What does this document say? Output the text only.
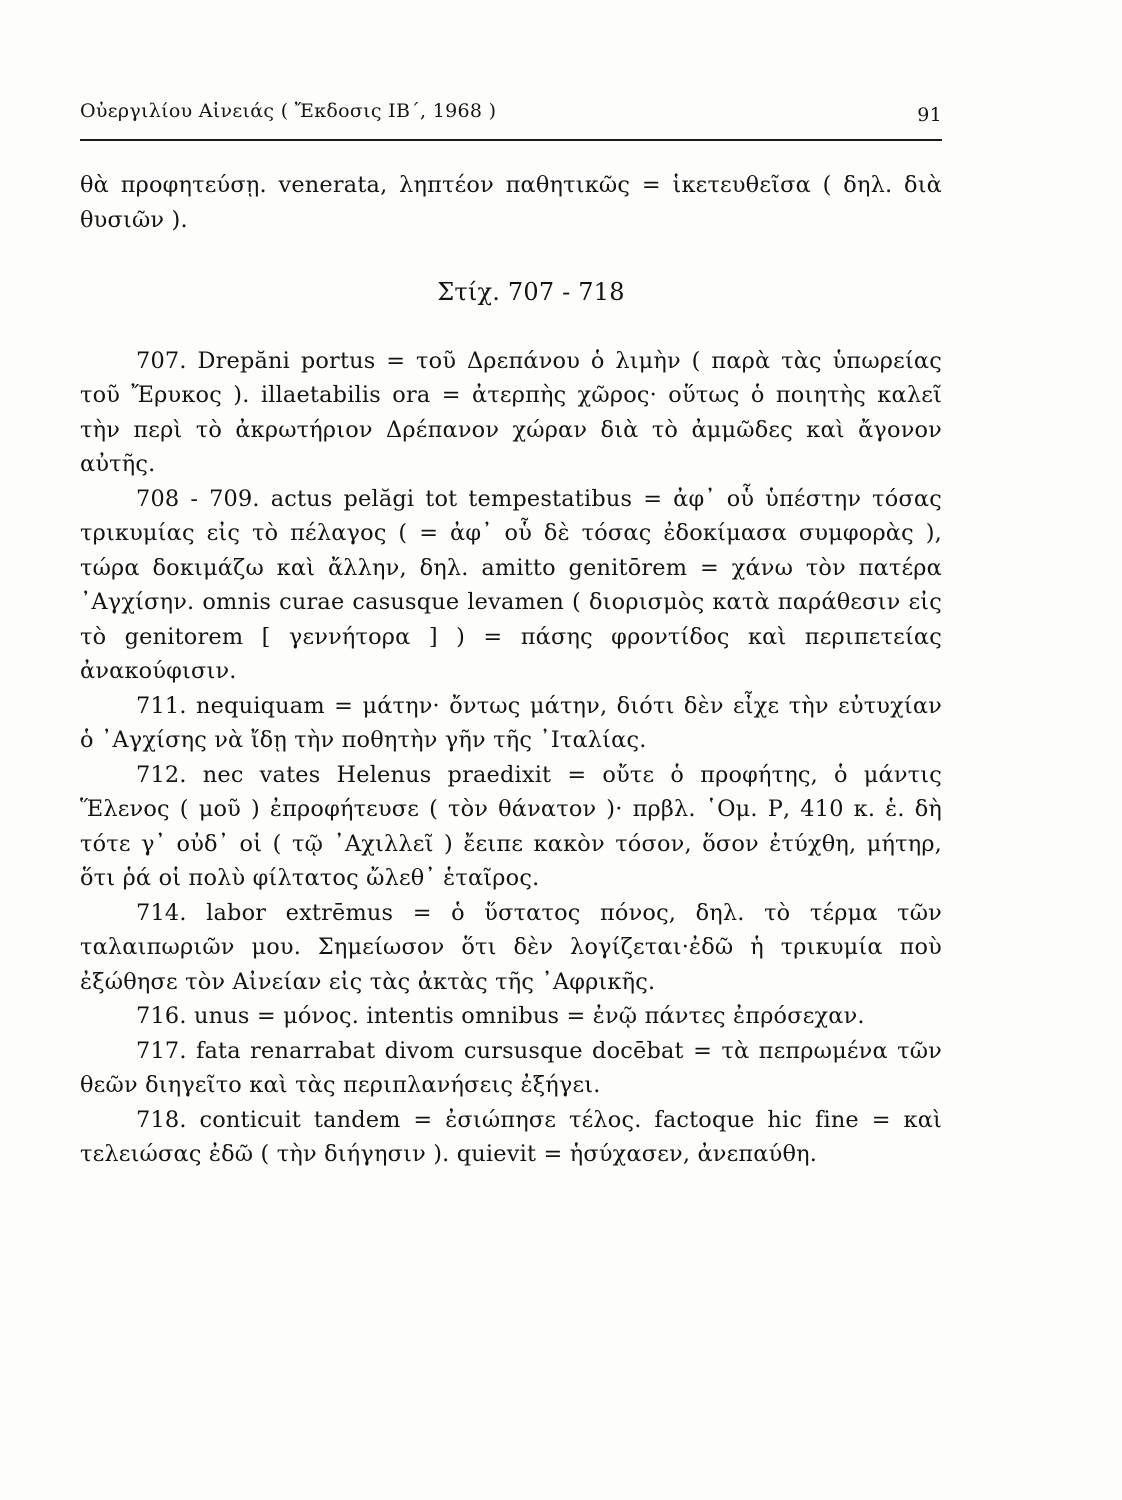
Οὐεργιλίου Αἰνειάς ( Ἔκδοσις ΙΒ΄, 1968 )	91

θὰ προφητεύσῃ. venerata, ληπτέον παθητικῶς = ἱκετευθεῖσα ( δηλ. διὰ θυσιῶν ).

Στίχ. 707 - 718

707. Drepăni portus = τοῦ Δρεπάνου ὁ λιμὴν ( παρὰ τὰς ὑπωρείας τοῦ Ἔρυκος ). illaetabilis ora = ἀτερπὴς χῶρος· οὕτως ὁ ποιητὴς καλεῖ τὴν περὶ τὸ ἀκρωτήριον Δρέπανον χώραν διὰ τὸ ἀμμῶδες καὶ ἄγονον αὐτῆς.

708 - 709. actus pelăgi tot tempestatibus = ἀφ᾽ οὗ ὑπέστην τόσας τρικυμίας εἰς τὸ πέλαγος ( = ἀφ᾽ οὗ δὲ τόσας ἐδοκίμασα συμφορὰς ), τώρα δοκιμάζω καὶ ἄλλην, δηλ. amitto genitōrem = χάνω τὸν πατέρα ᾽Αγχίσην. omnis curae casusque levamen ( διορισμὸς κατὰ παράθεσιν εἰς τὸ genitorem [ γεννήτορα ] ) = πάσης φροντίδος καὶ περιπετείας ἀνακούφισιν.

711. nequiquam = μάτην· ὄντως μάτην, διότι δὲν εἶχε τὴν εὐτυχίαν ὁ ᾽Αγχίσης νὰ ἴδῃ τὴν ποθητὴν γῆν τῆς ᾽Ιταλίας.

712. nec vates Helenus praedixit = οὔτε ὁ προφήτης, ὁ μάντις Ἕλενος ( μοῦ ) ἐπροφήτευσε ( τὸν θάνατον )· πρβλ. ῾Ομ. Ρ, 410 κ. ἑ. δὴ τότε γ᾽ οὐδ᾽ οἱ ( τῷ ᾽Αχιλλεῖ ) ἔειπε κακὸν τόσον, ὅσον ἐτύχθη, μήτηρ, ὅτι ῥά οἱ πολὺ φίλτατος ὤλεθ᾽ ἑταῖρος.

714. labor extrēmus = ὁ ὕστατος πόνος, δηλ. τὸ τέρμα τῶν ταλαιπωριῶν μου. Σημείωσον ὅτι δὲν λογίζεται·ἐδῶ ἡ τρικυμία ποὺ ἐξώθησε τὸν Αἰνείαν εἰς τὰς ἀκτὰς τῆς ᾽Αφρικῆς.

716. unus = μόνος. intentis omnibus = ἐνῷ πάντες ἐπρόσεχαν.

717. fata renarrabat divom cursusque docēbat = τὰ πεπρωμένα τῶν θεῶν διηγεῖτο καὶ τὰς περιπλανήσεις ἐξήγει.

718. conticuit tandem = ἐσιώπησε τέλος. factoque hic fine = καὶ τελειώσας ἐδῶ ( τὴν διήγησιν ). quievit = ἡσύχασεν, ἀνεπαύθη.
